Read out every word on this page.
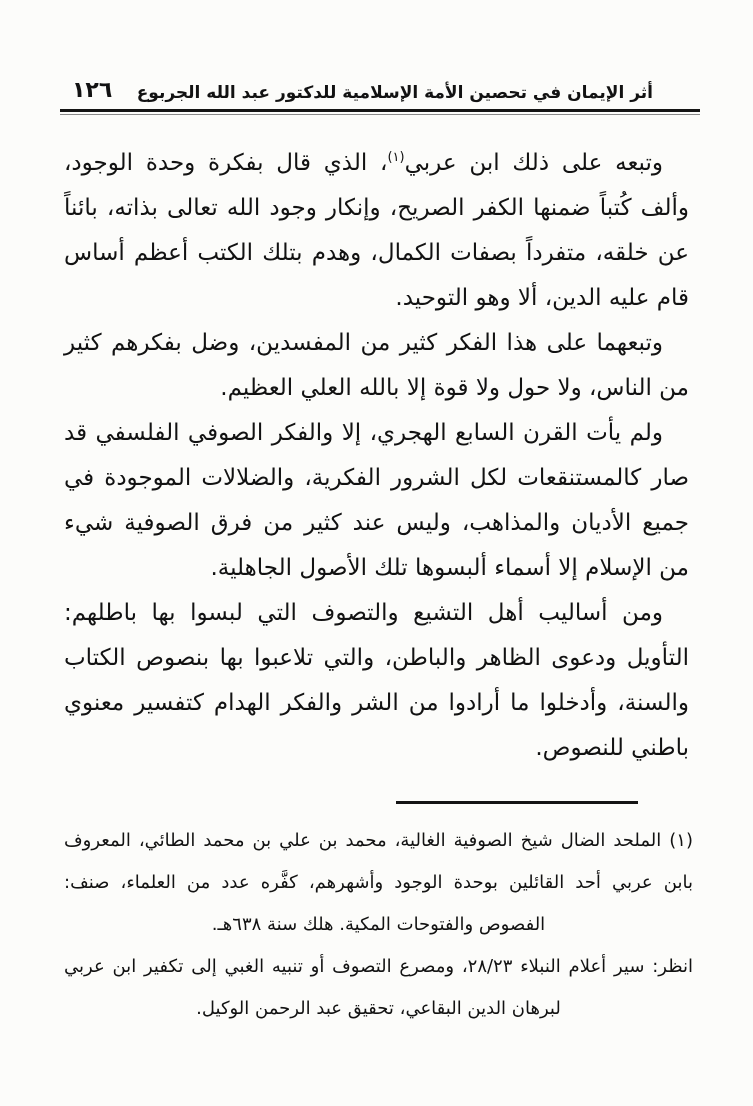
أثر الإيمان في تحصين الأمة الإسلامية للدكتور عبد الله الجربوع
١٢٦

وتبعه على ذلك ابن عربي$^{(١)}$، الذي قال بفكرة وحدة الوجود، وألف كُتباً ضمنها الكفر الصريح، وإنكار وجود الله تعالى بذاته، بائناً عن خلقه، متفرداً بصفات الكمال، وهدم بتلك الكتب أعظم أساس قام عليه الدين، ألا وهو التوحيد.

وتبعهما على هذا الفكر كثير من المفسدين، وضل بفكرهم كثير من الناس، ولا حول ولا قوة إلا بالله العلي العظيم.

ولم يأت القرن السابع الهجري، إلا والفكر الصوفي الفلسفي قد صار كالمستنقعات لكل الشرور الفكرية، والضلالات الموجودة في جميع الأديان والمذاهب، وليس عند كثير من فرق الصوفية شيء من الإسلام إلا أسماء ألبسوها تلك الأصول الجاهلية.

ومن أساليب أهل التشيع والتصوف التي لبسوا بها باطلهم: التأويل ودعوى الظاهر والباطن، والتي تلاعبوا بها بنصوص الكتاب والسنة، وأدخلوا ما أرادوا من الشر والفكر الهدام كتفسير معنوي باطني للنصوص.

(١) الملحد الضال شيخ الصوفية الغالية، محمد بن علي بن محمد الطائي، المعروف بابن عربي أحد القائلين بوحدة الوجود وأشهرهم، كفَّره عدد من العلماء، صنف: الفصوص والفتوحات المكية. هلك سنة ٦٣٨هـ.

انظر: سير أعلام النبلاء ٢٨/٢٣، ومصرع التصوف أو تنبيه الغبي إلى تكفير ابن عربي لبرهان الدين البقاعي، تحقيق عبد الرحمن الوكيل.
